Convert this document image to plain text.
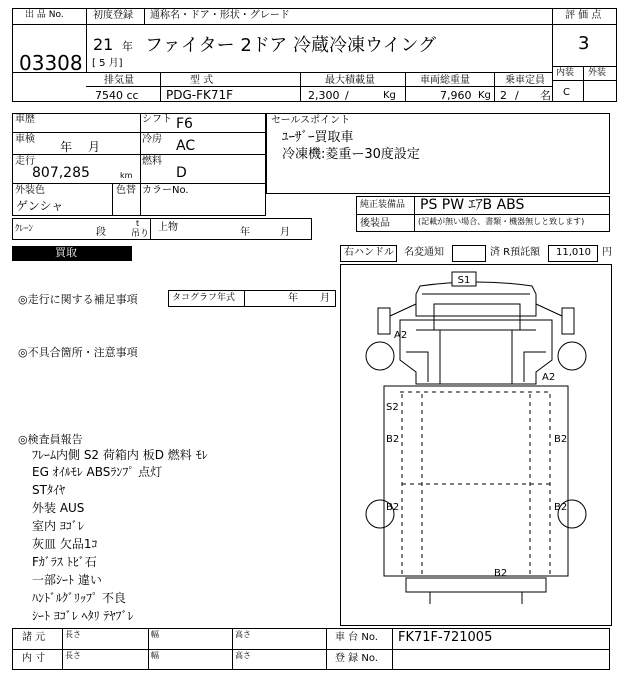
出 品 No.
03308
初度登録 通称名・ドア・形状・グレード
21 年
[ 5 月]
ファイター 2ドア 冷蔵冷凍ウイング
評 価 点
3
内装 外装
C
排気量	型 式	最大積載量	車両総重量	乗車定員
7540 cc PDG-FK71F	2,300 /	Kg	7,960 Kg 2 / 名
車歴	シフト F6
車検
年 月
冷房 AC
走行
807,285	km
燃料
D
外装色
ゲンシャ
色替 カラーNo.
セールスポイント
ﾕｰｻﾞｰ買取車
冷凍機:菱重ー30度設定
純正装備品 PS PW ｴｱB ABS
後装品	(記載が無い場合、書類・機器無しと致します)
ｸﾚｰﾝ	段
t
吊り
上物	年	月
買取	右ハンドル 名変通知	済 R預託額 11,010 円
◎走行に関する補足事項	タコグラフ年式	年 月
◎不具合箇所・注意事項
◎検査員報告
ﾌﾚｰﾑ内側 S2 荷箱内 板D 燃料 ﾓﾚ
EG ｵｲﾙﾓﾚ ABSﾗﾝﾌﾟ 点灯
STﾀｲﾔ
外装 AUS
室内 ﾖｺﾞﾚ
灰皿 欠品1ｺ
Fｶﾞﾗｽ ﾄﾋﾞ石
一部ｼｰﾄ 違い
ﾊﾝﾄﾞﾙｸﾞﾘｯﾌﾟ 不良
ｼｰﾄ ﾖｺﾞﾚ ﾍﾀﾘ ﾃﾔﾌﾞﾚ
S1
A2
A2
S2
B2	B2
B2	B2
B2
諸 元
内 寸
長さ
長さ
幅
幅
高さ
高さ
車 台 No. FK71F-721005
登 録 No.
